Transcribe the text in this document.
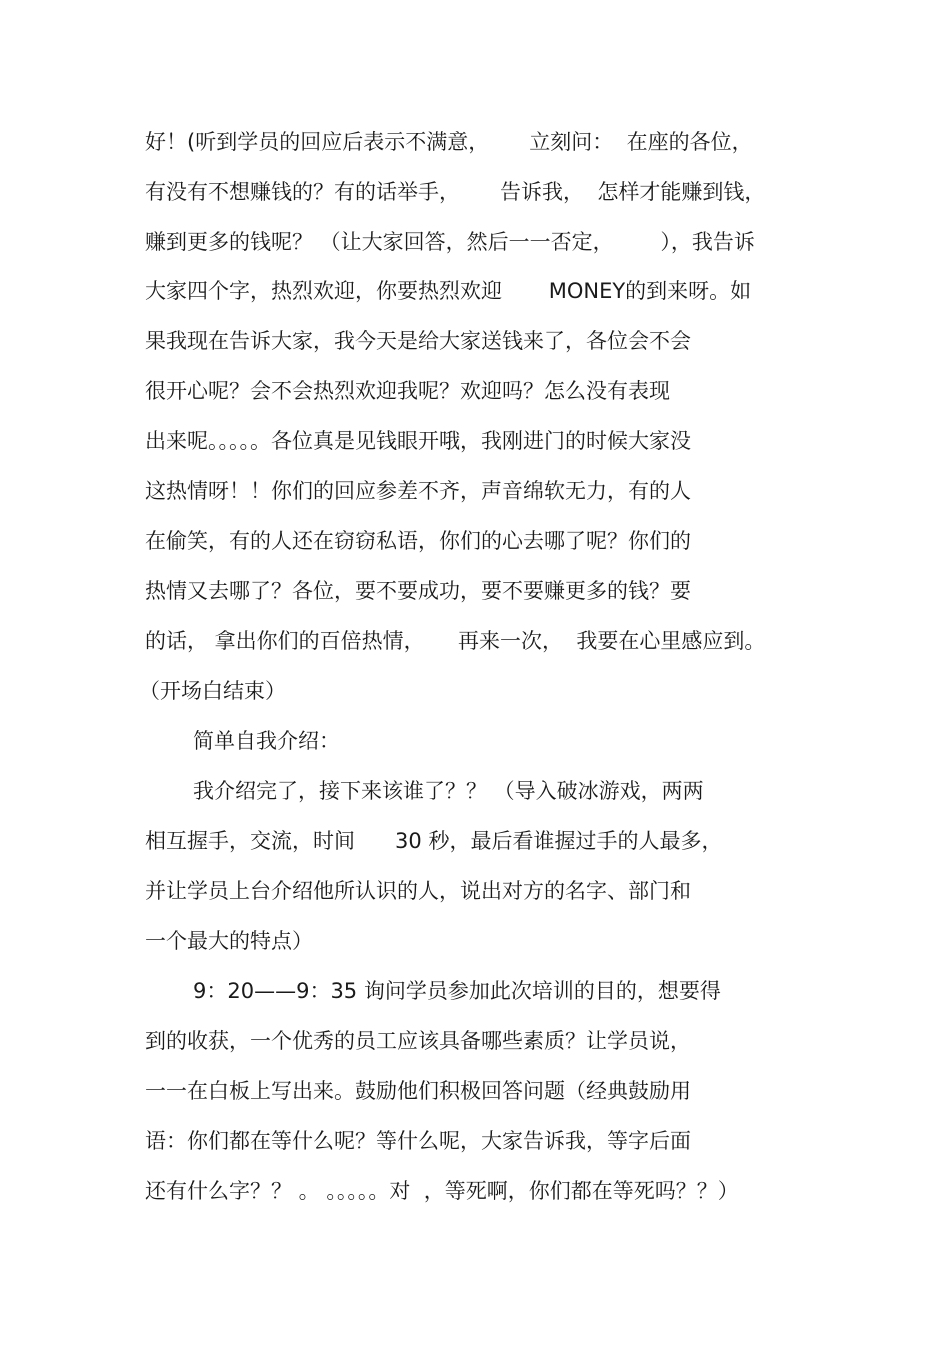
好！(听到学员的回应后表示不满意，      立刻问：  在座的各位，
有没有不想赚钱的？有的话举手，      告诉我，  怎样才能赚到钱，
赚到更多的钱呢？ （让大家回答，然后一一否定，       ），我告诉
大家四个字，热烈欢迎，你要热烈欢迎       MONEY的到来呀。如
果我现在告诉大家，我今天是给大家送钱来了，各位会不会
很开心呢？会不会热烈欢迎我呢？欢迎吗？怎么没有表现
出来呢。。。。。各位真是见钱眼开哦，我刚进门的时候大家没
这热情呀！！你们的回应参差不齐，声音绵软无力，有的人
在偷笑，有的人还在窃窃私语，你们的心去哪了呢？你们的
热情又去哪了？各位，要不要成功，要不要赚更多的钱？要
的话， 拿出你们的百倍热情，     再来一次，  我要在心里感应到。
（开场白结束）
简单自我介绍：
我介绍完了，接下来该谁了？？ （导入破冰游戏，两两
相互握手，交流，时间      30 秒，最后看谁握过手的人最多，
并让学员上台介绍他所认识的人，说出对方的名字、部门和
一个最大的特点）
9：20——9：35 询问学员参加此次培训的目的，想要得
到的收获，一个优秀的员工应该具备哪些素质？让学员说，
一一在白板上写出来。鼓励他们积极回答问题（经典鼓励用
语：你们都在等什么呢？等什么呢，大家告诉我，等字后面
还有什么字？？ 。 。。。。。对  ，等死啊，你们都在等死吗？？）
